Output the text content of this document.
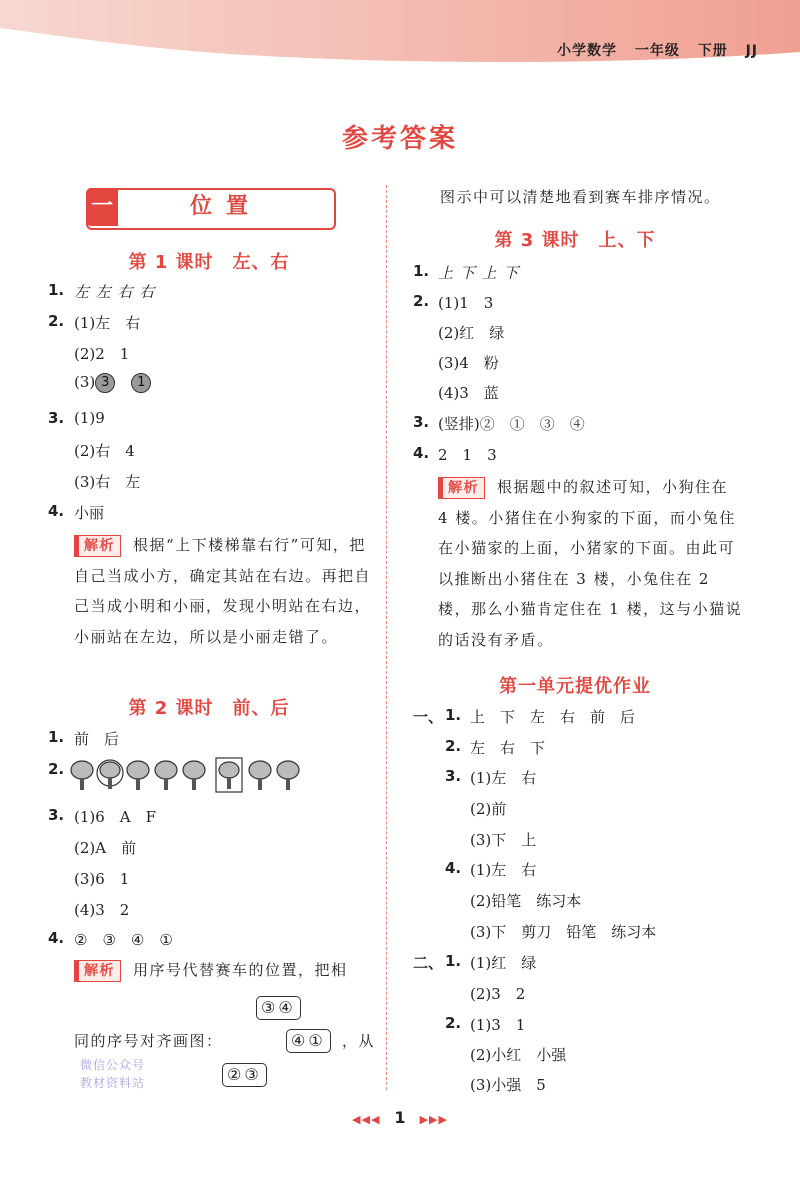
小学数学 一年级 下册 JJ
参考答案
一	位置
第 1 课时　左、右
1. 左 左 右 右
2. (1)左　右
(2)2　1
(3) 3 1
3. (1)9
(2)右　4
(3)右　左
4. 小丽
解析 根据“上下楼梯靠右行”可知，把自己当成小方，确定其站在右边。再把自己当成小明和小丽，发现小明站在右边，小丽站在左边，所以是小丽走错了。
第 2 课时　前、后
1. 前　后
2.
3. (1)6　A　F
(2)A　前
(3)6　1
(4)3　2
4. ②　③　④　①
解析 用序号代替赛车的位置，把相
③④
同的序号对齐画图：	④①	，从
②③
微信公众号
教材资料站
图示中可以清楚地看到赛车排序情况。
第 3 课时　上、下
1. 上 下 上 下
2. (1)1　3
(2)红　绿
(3)4　粉
(4)3　蓝
3. (竖排)②　①　③　④
4. 2　1　3
解析 根据题中的叙述可知，小狗住在 4 楼。小猪住在小狗家的下面，而小兔住在小猫家的上面，小猪家的下面。由此可以推断出小猪住在 3 楼，小兔住在 2 楼，那么小猫肯定住在 1 楼，这与小猫说的话没有矛盾。
第一单元提优作业
一、 1. 上　下　左　右　前　后
2. 左　右　下
3. (1)左　右
(2)前
(3)下　上
4. (1)左　右
(2)铅笔　练习本
(3)下　剪刀　铅笔　练习本
二、 1. (1)红　绿
(2)3　2
2. (1)3　1
(2)小红　小强
(3)小强　5
◀◀◀ 1 ▶▶▶
